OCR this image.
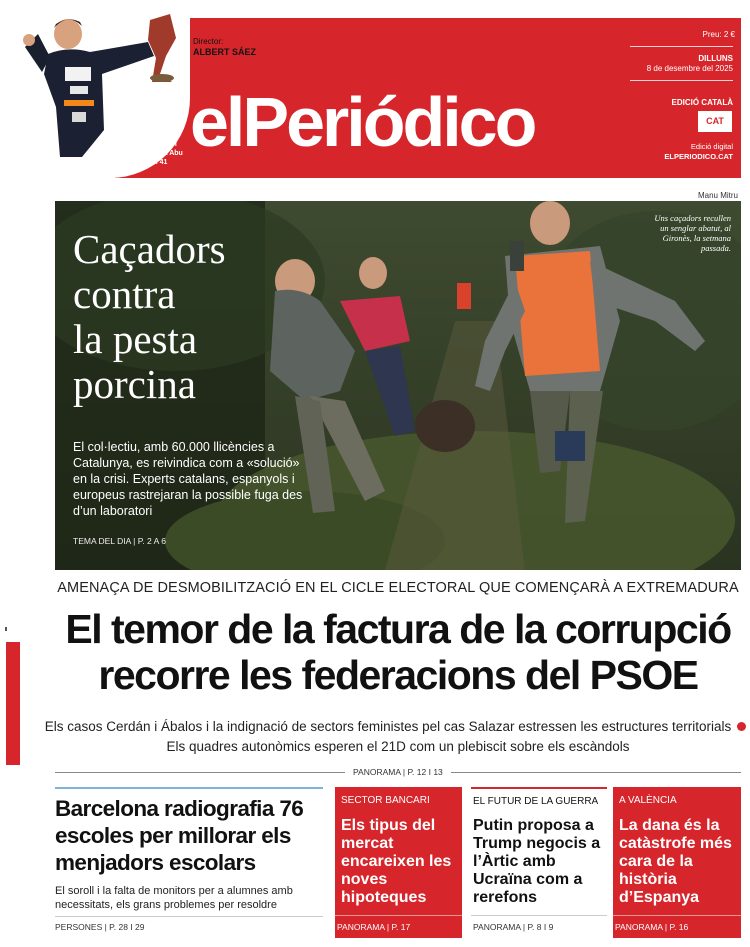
Director:
ALBERT SÁEZ
Lando Norris es corona campió del Mundial de F1 a Abu Dhabi. P. 40 i 41
elPeriódico
Preu: 2 €
DILLUNS
8 de desembre del 2025
EDICIÓ CATALÀ
CAT
Edició digital
ELPERIODICO.CAT
Manu Mitru
Caçadors
contra
la pesta
porcina
El col·lectiu, amb 60.000 llicències a Catalunya, es reivindica com a «solució» en la crisi. Experts catalans, espanyols i europeus rastrejaran la possible fuga des d’un laboratori
TEMA DEL DIA | P. 2 A 6
Uns caçadors recullen un senglar abatut, al Gironès, la setmana passada.
AMENAÇA DE DESMOBILITZACIÓ EN EL CICLE ELECTORAL QUE COMENÇARÀ A EXTREMADURA
El temor de la factura de la corrupció
recorre les federacions del PSOE
Els casos Cerdán i Ábalos i la indignació de sectors feministes pel cas Salazar estressen les estructures territorialsEls quadres autonòmics esperen el 21D com un plebiscit sobre els escàndols
PANORAMA | P. 12 I 13
Barcelona radiografia 76 escoles per millorar els menjadors escolars
El soroll i la falta de monitors per a alumnes amb necessitats, els grans problemes per resoldre
PERSONES | P. 28 I 29
SECTOR BANCARI
Els tipus del mercat encareixen les noves hipoteques
PANORAMA | P. 17
EL FUTUR DE LA GUERRA
Putin proposa a Trump negocis a l’Àrtic amb Ucraïna com a rerefons
PANORAMA | P. 8 I 9
A VALÈNCIA
La dana és la catàstrofe més cara de la història d’Espanya
PANORAMA | P. 16
